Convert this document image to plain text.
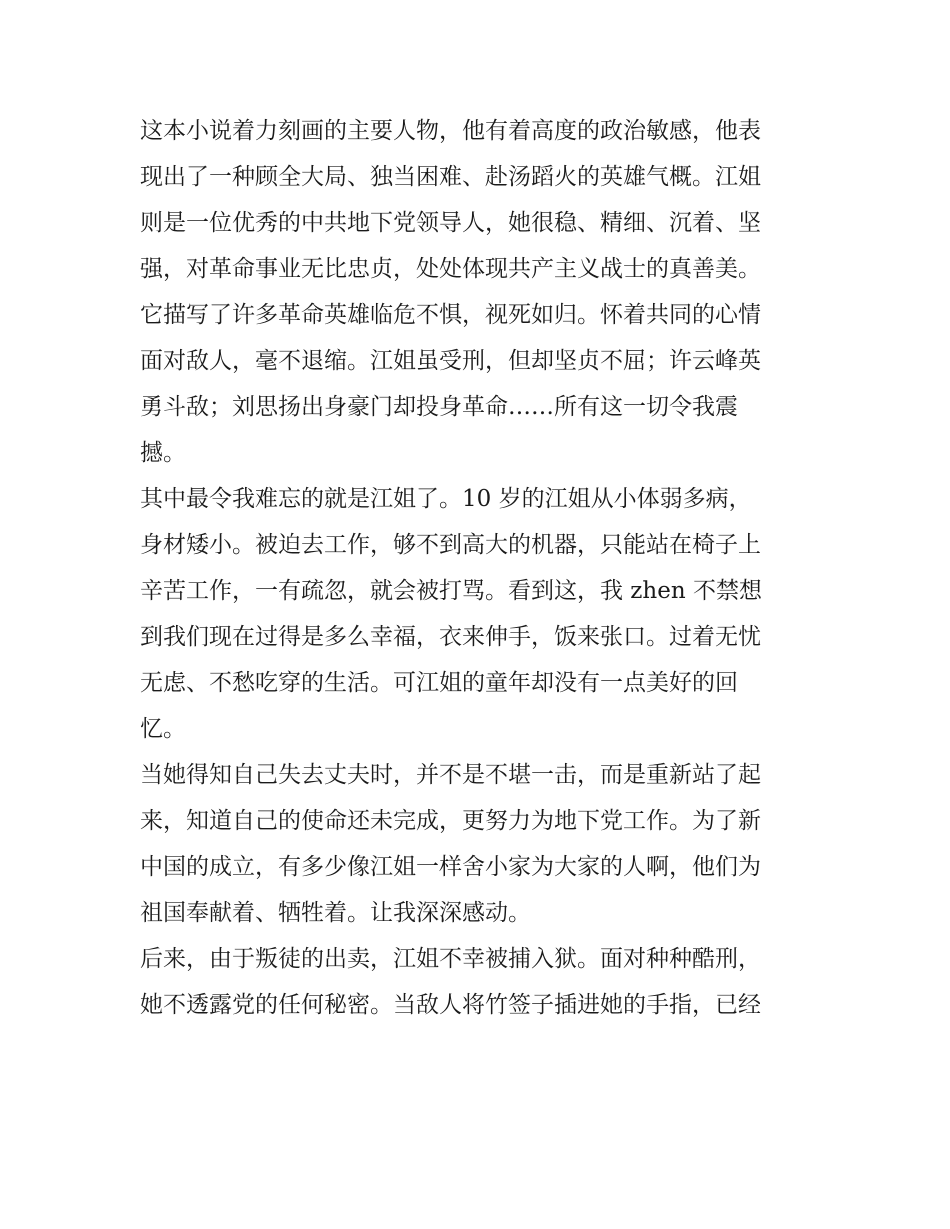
这本小说着力刻画的主要人物，他有着高度的政治敏感，他表
现出了一种顾全大局、独当困难、赴汤蹈火的英雄气概。江姐
则是一位优秀的中共地下党领导人，她很稳、精细、沉着、坚
强，对革命事业无比忠贞，处处体现共产主义战士的真善美。
它描写了许多革命英雄临危不惧，视死如归。怀着共同的心情
面对敌人，毫不退缩。江姐虽受刑，但却坚贞不屈；许云峰英
勇斗敌；刘思扬出身豪门却投身革命……所有这一切令我震
撼。
其中最令我难忘的就是江姐了。10 岁的江姐从小体弱多病，
身材矮小。被迫去工作，够不到高大的机器，只能站在椅子上
辛苦工作，一有疏忽，就会被打骂。看到这，我 zhen 不禁想
到我们现在过得是多么幸福，衣来伸手，饭来张口。过着无忧
无虑、不愁吃穿的生活。可江姐的童年却没有一点美好的回
忆。
当她得知自己失去丈夫时，并不是不堪一击，而是重新站了起
来，知道自己的使命还未完成，更努力为地下党工作。为了新
中国的成立，有多少像江姐一样舍小家为大家的人啊，他们为
祖国奉献着、牺牲着。让我深深感动。
后来，由于叛徒的出卖，江姐不幸被捕入狱。面对种种酷刑，
她不透露党的任何秘密。当敌人将竹签子插进她的手指，已经
